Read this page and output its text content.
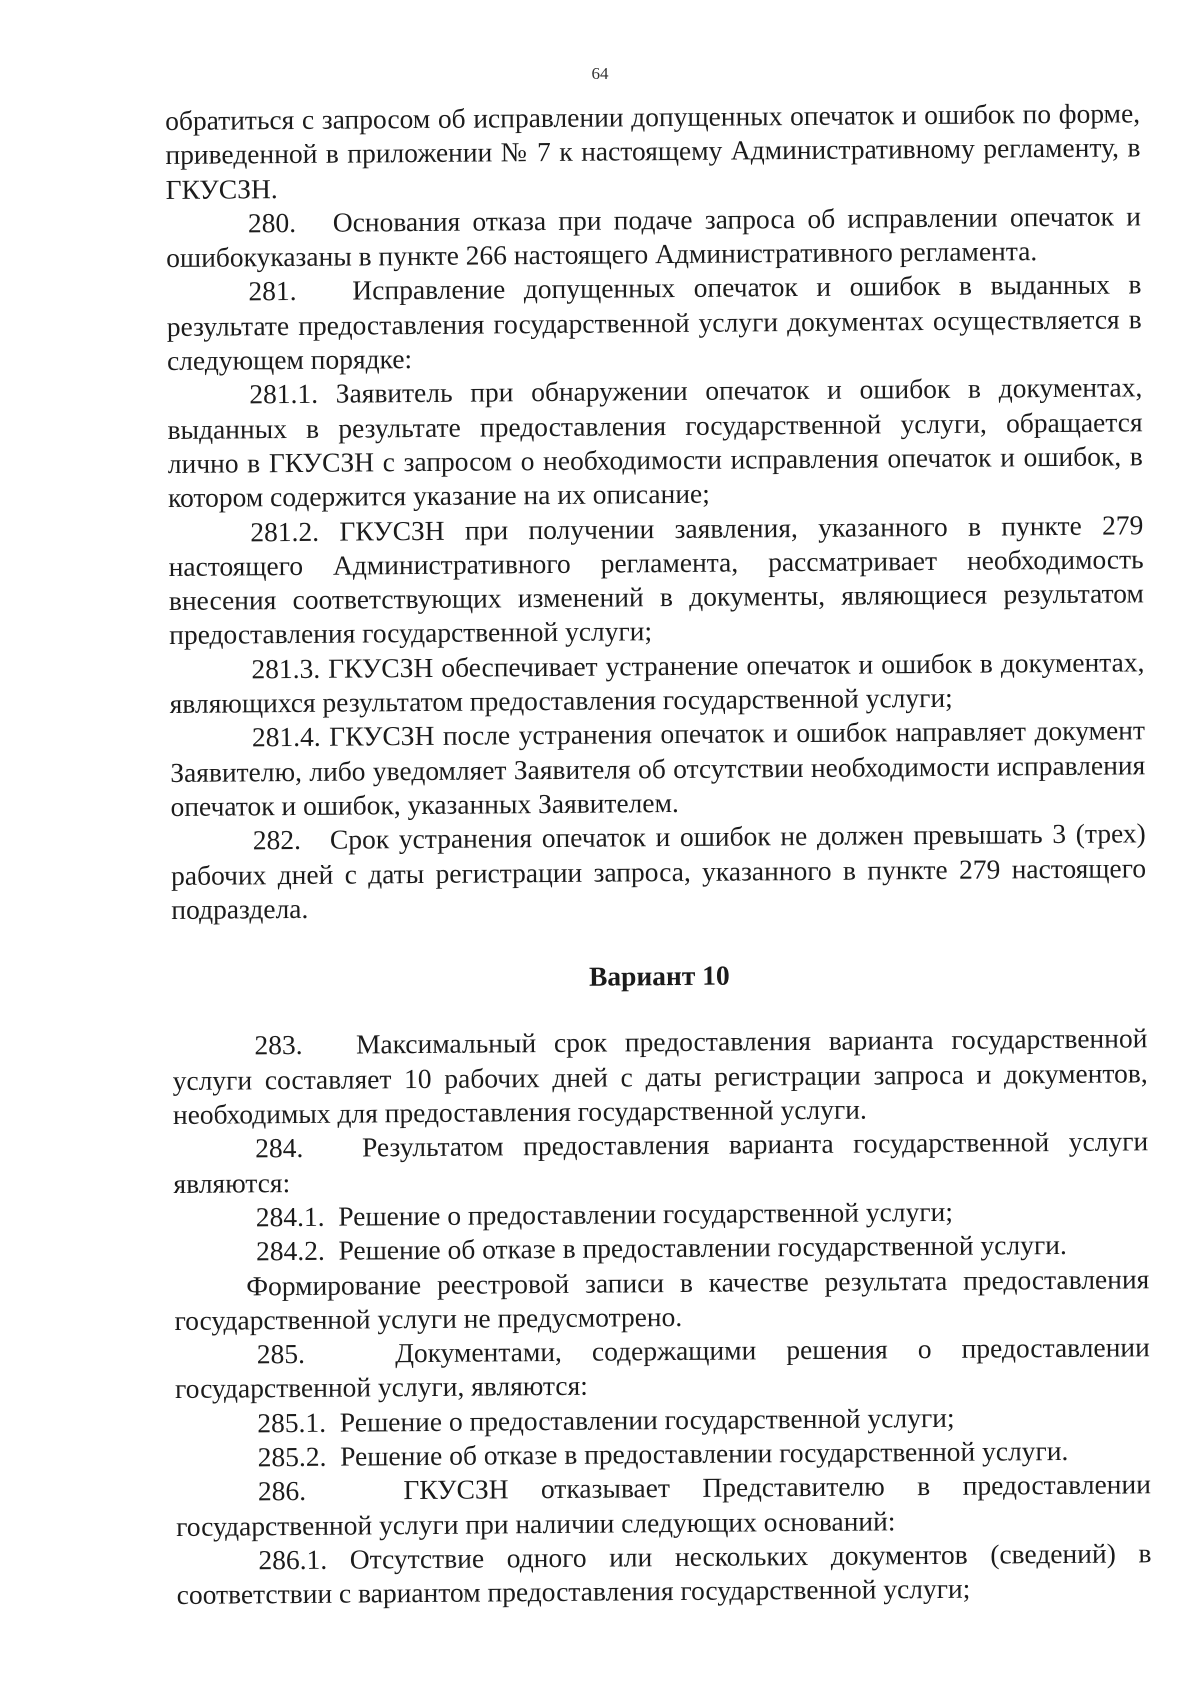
64

обратиться с запросом об исправлении допущенных опечаток и ошибок по форме, приведенной в приложении № 7 к настоящему Административному регламенту, в ГКУСЗН.

280.   Основания отказа при подаче запроса об исправлении опечаток и ошибокуказаны в пункте 266 настоящего Административного регламента.

281.   Исправление допущенных опечаток и ошибок в выданных в результате предоставления государственной услуги документах осуществляется в следующем порядке:

281.1. Заявитель при обнаружении опечаток и ошибок в документах, выданных в результате предоставления государственной услуги, обращается лично в ГКУСЗН с запросом о необходимости исправления опечаток и ошибок, в котором содержится указание на их описание;

281.2. ГКУСЗН при получении заявления, указанного в пункте 279 настоящего Административного регламента, рассматривает необходимость внесения соответствующих изменений в документы, являющиеся результатом предоставления государственной услуги;

281.3. ГКУСЗН обеспечивает устранение опечаток и ошибок в документах, являющихся результатом предоставления государственной услуги;

281.4. ГКУСЗН после устранения опечаток и ошибок направляет документ Заявителю, либо уведомляет Заявителя об отсутствии необходимости исправления опечаток и ошибок, указанных Заявителем.

282.   Срок устранения опечаток и ошибок не должен превышать 3 (трех) рабочих дней с даты регистрации запроса, указанного в пункте 279 настоящего подраздела.

Вариант 10

283.   Максимальный срок предоставления варианта государственной услуги составляет 10 рабочих дней с даты регистрации запроса и документов, необходимых для предоставления государственной услуги.

284.   Результатом предоставления варианта государственной услуги являются:

284.1.  Решение о предоставлении государственной услуги;

284.2.  Решение об отказе в предоставлении государственной услуги.

Формирование реестровой записи в качестве результата предоставления государственной услуги не предусмотрено.

285.   Документами, содержащими решения о предоставлении государственной услуги, являются:

285.1.  Решение о предоставлении государственной услуги;

285.2.  Решение об отказе в предоставлении государственной услуги.

286.   ГКУСЗН отказывает Представителю в предоставлении государственной услуги при наличии следующих оснований:

286.1. Отсутствие одного или нескольких документов (сведений) в соответствии с вариантом предоставления государственной услуги;
